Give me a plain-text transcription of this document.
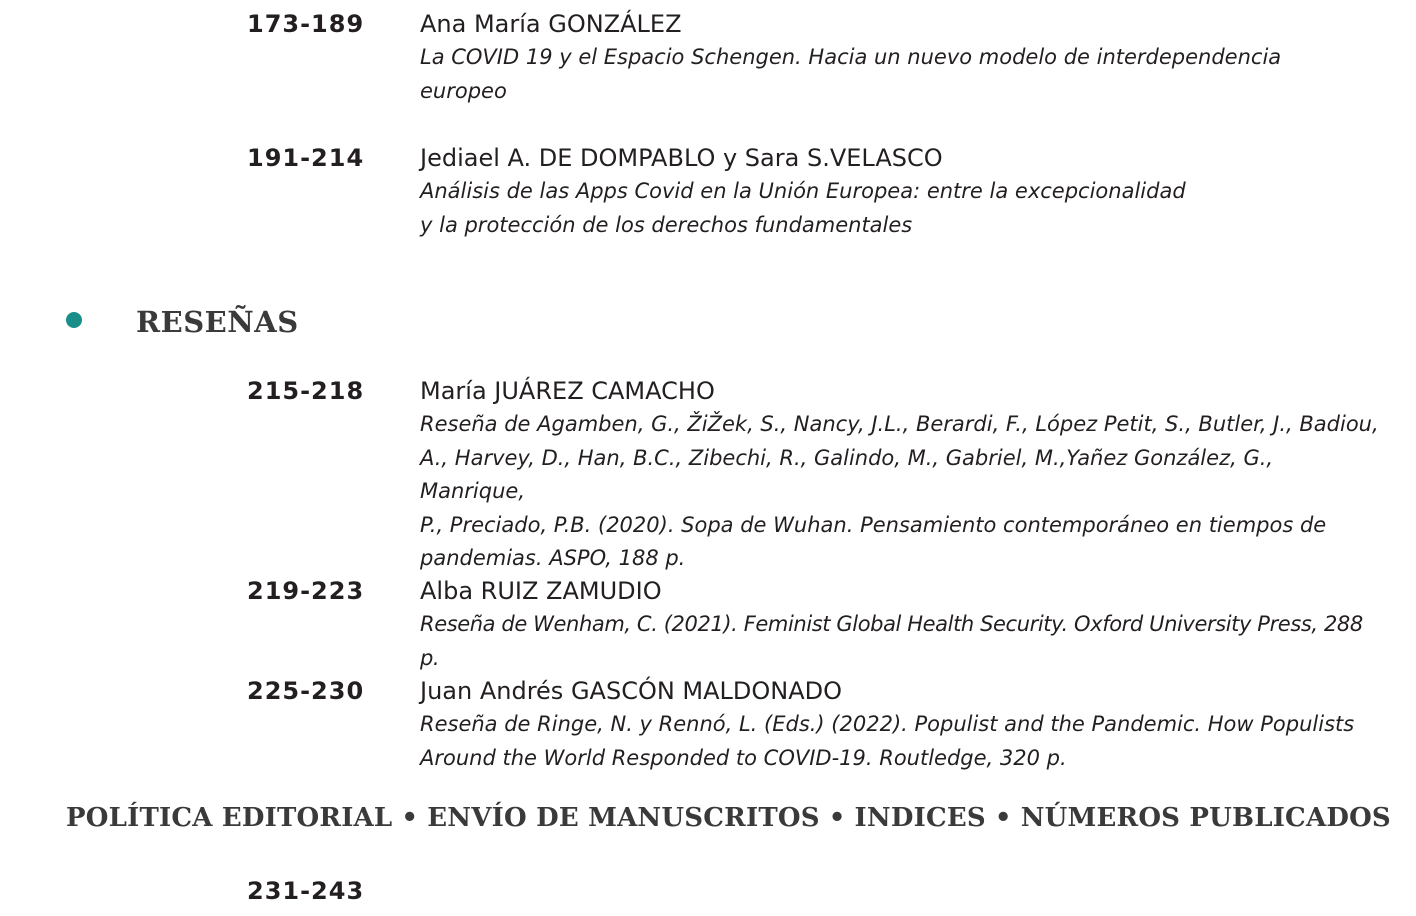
173-189 Ana María GONZÁLEZ
La COVID 19 y el Espacio Schengen. Hacia un nuevo modelo de interdependencia
europeo
191-214 Jediael A. DE DOMPABLO y Sara S.VELASCO
Análisis de las Apps Covid en la Unión Europea: entre la excepcionalidad
y la protección de los derechos fundamentales
RESEÑAS
215-218 María JUÁREZ CAMACHO
Reseña de Agamben, G., ŽiŽek, S., Nancy, J.L., Berardi, F., López Petit, S., Butler, J., Badiou,
A., Harvey, D., Han, B.C., Zibechi, R., Galindo, M., Gabriel, M.,Yañez González, G., Manrique,
P., Preciado, P.B. (2020). Sopa de Wuhan. Pensamiento contemporáneo en tiempos de
pandemias. ASPO, 188 p.
219-223 Alba RUIZ ZAMUDIO
Reseña de Wenham, C. (2021). Feminist Global Health Security. Oxford University Press, 288 p.
225-230 Juan Andrés GASCÓN MALDONADO
Reseña de Ringe, N. y Rennó, L. (Eds.) (2022). Populist and the Pandemic. How Populists
Around the World Responded to COVID-19. Routledge, 320 p.
POLÍTICA EDITORIAL • ENVÍO DE MANUSCRITOS • INDICES • NÚMEROS PUBLICADOS
231-243
